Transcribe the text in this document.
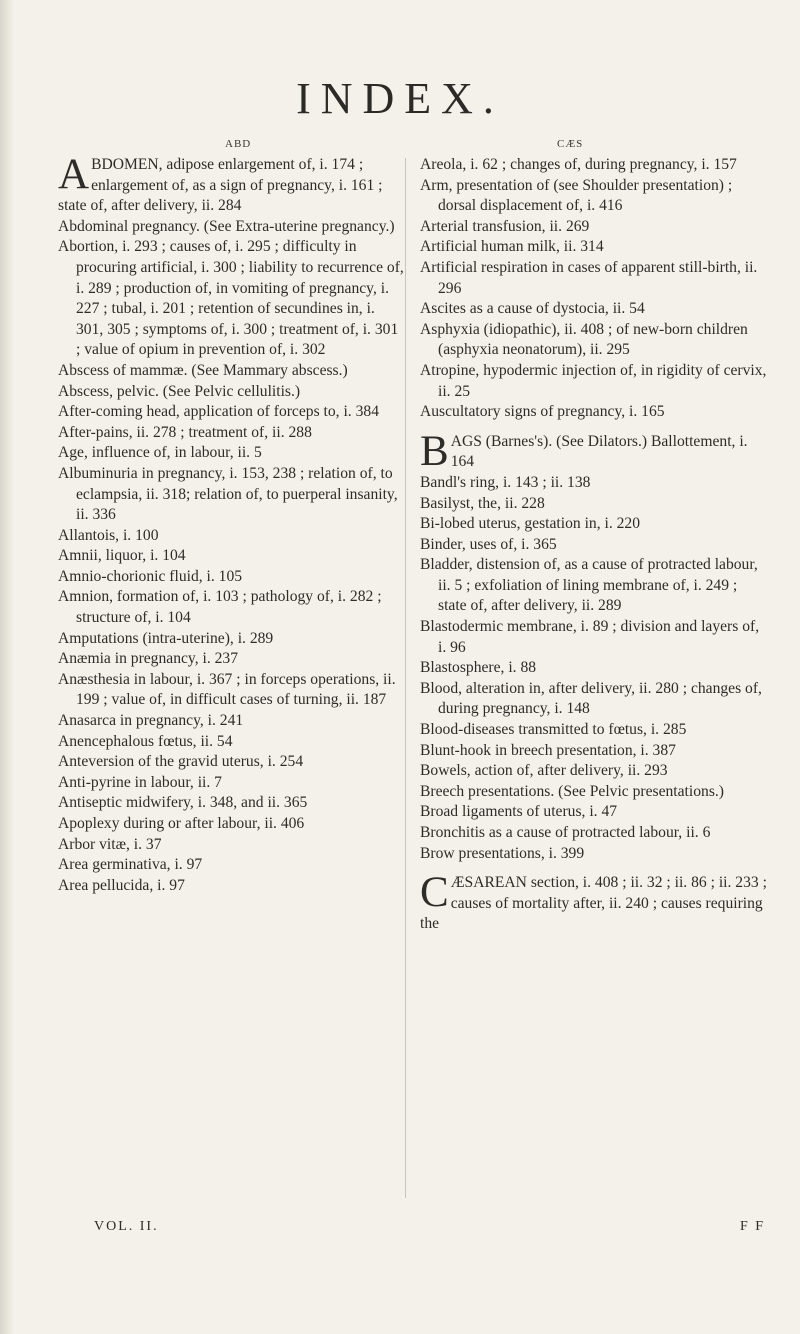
INDEX.
ABD	CÆS
ABDOMEN, adipose enlargement of, i. 174 ; enlargement of, as a sign of pregnancy, i. 161 ; state of, after delivery, ii. 284
Abdominal pregnancy. (See Extra-uterine pregnancy.)
Abortion, i. 293 ; causes of, i. 295 ; difficulty in procuring artificial, i. 300 ; liability to recurrence of, i. 289 ; production of, in vomiting of pregnancy, i. 227 ; tubal, i. 201 ; retention of secundines in, i. 301, 305 ; symptoms of, i. 300 ; treatment of, i. 301 ; value of opium in prevention of, i. 302
Abscess of mammæ. (See Mammary abscess.)
Abscess, pelvic. (See Pelvic cellulitis.)
After-coming head, application of forceps to, i. 384
After-pains, ii. 278 ; treatment of, ii. 288
Age, influence of, in labour, ii. 5
Albuminuria in pregnancy, i. 153, 238 ; relation of, to eclampsia, ii. 318; relation of, to puerperal insanity, ii. 336
Allantois, i. 100
Amnii, liquor, i. 104
Amnio-chorionic fluid, i. 105
Amnion, formation of, i. 103 ; pathology of, i. 282 ; structure of, i. 104
Amputations (intra-uterine), i. 289
Anæmia in pregnancy, i. 237
Anæsthesia in labour, i. 367 ; in forceps operations, ii. 199 ; value of, in difficult cases of turning, ii. 187
Anasarca in pregnancy, i. 241
Anencephalous fœtus, ii. 54
Anteversion of the gravid uterus, i. 254
Anti-pyrine in labour, ii. 7
Antiseptic midwifery, i. 348, and ii. 365
Apoplexy during or after labour, ii. 406
Arbor vitæ, i. 37
Area germinativa, i. 97
Area pellucida, i. 97
Areola, i. 62 ; changes of, during pregnancy, i. 157
Arm, presentation of (see Shoulder presentation) ; dorsal displacement of, i. 416
Arterial transfusion, ii. 269
Artificial human milk, ii. 314
Artificial respiration in cases of apparent still-birth, ii. 296
Ascites as a cause of dystocia, ii. 54
Asphyxia (idiopathic), ii. 408 ; of new-born children (asphyxia neonatorum), ii. 295
Atropine, hypodermic injection of, in rigidity of cervix, ii. 25
Auscultatory signs of pregnancy, i. 165
BAGS (Barnes's). (See Dilators.) Ballottement, i. 164
Bandl's ring, i. 143 ; ii. 138
Basilyst, the, ii. 228
Bi-lobed uterus, gestation in, i. 220
Binder, uses of, i. 365
Bladder, distension of, as a cause of protracted labour, ii. 5 ; exfoliation of lining membrane of, i. 249 ; state of, after delivery, ii. 289
Blastodermic membrane, i. 89 ; division and layers of, i. 96
Blastosphere, i. 88
Blood, alteration in, after delivery, ii. 280 ; changes of, during pregnancy, i. 148
Blood-diseases transmitted to fœtus, i. 285
Blunt-hook in breech presentation, i. 387
Bowels, action of, after delivery, ii. 293
Breech presentations. (See Pelvic presentations.)
Broad ligaments of uterus, i. 47
Bronchitis as a cause of protracted labour, ii. 6
Brow presentations, i. 399
CÆSAREAN section, i. 408 ; ii. 32 ; ii. 86 ; ii. 233 ; causes of mortality after, ii. 240 ; causes requiring the
VOL. II.	F F
